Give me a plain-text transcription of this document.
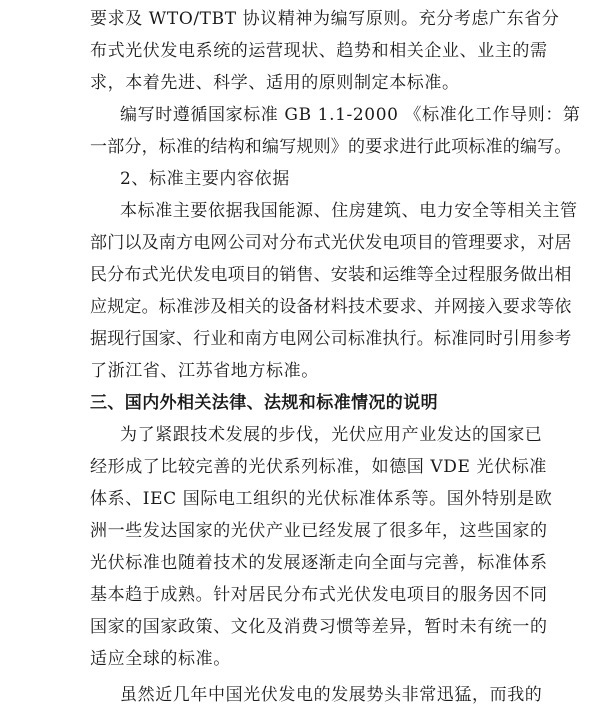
要求及 WTO/TBT 协议精神为编写原则。充分考虑广东省分
布式光伏发电系统的运营现状、趋势和相关企业、业主的需
求，本着先进、科学、适用的原则制定本标准。
编写时遵循国家标准 GB 1.1-2000 《标准化工作导则：第
一部分，标准的结构和编写规则》的要求进行此项标准的编写。
2、标准主要内容依据
本标准主要依据我国能源、住房建筑、电力安全等相关主管
部门以及南方电网公司对分布式光伏发电项目的管理要求，对居
民分布式光伏发电项目的销售、安装和运维等全过程服务做出相
应规定。标准涉及相关的设备材料技术要求、并网接入要求等依
据现行国家、行业和南方电网公司标准执行。标准同时引用参考
了浙江省、江苏省地方标准。
三、国内外相关法律、法规和标准情况的说明
为了紧跟技术发展的步伐，光伏应用产业发达的国家已
经形成了比较完善的光伏系列标准，如德国 VDE 光伏标准
体系、IEC 国际电工组织的光伏标准体系等。国外特别是欧
洲一些发达国家的光伏产业已经发展了很多年，这些国家的
光伏标准也随着技术的发展逐渐走向全面与完善，标准体系
基本趋于成熟。针对居民分布式光伏发电项目的服务因不同
国家的国家政策、文化及消费习惯等差异，暂时未有统一的
适应全球的标准。
虽然近几年中国光伏发电的发展势头非常迅猛，而我的
